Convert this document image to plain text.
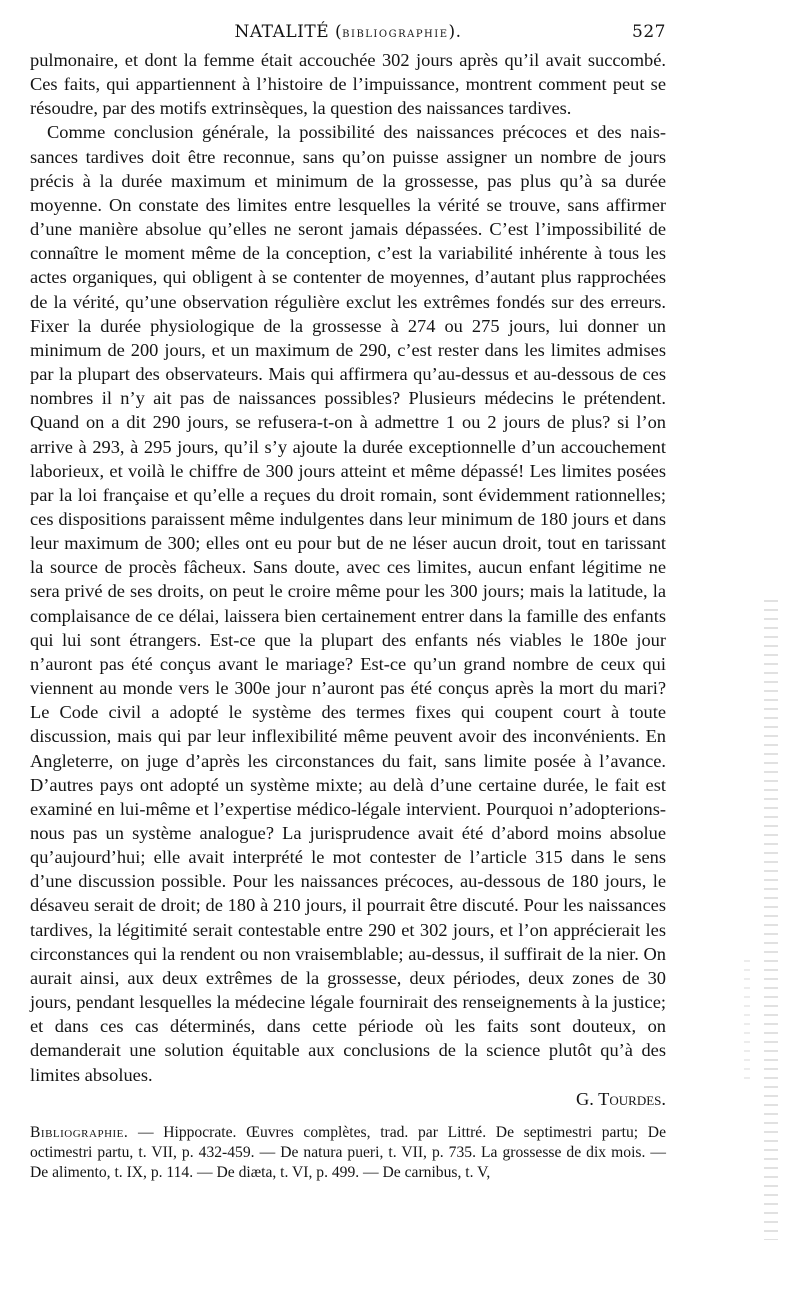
NATALITÉ (BIBLIOGRAPHIE).	527

pulmonaire, et dont la femme était accouchée 302 jours après qu’il avait succombé. Ces faits, qui appartiennent à l’histoire de l’impuissance, montrent comment peut se résoudre, par des motifs extrinsèques, la question des naissances tardives.

Comme conclusion générale, la possibilité des naissances précoces et des naissances tardives doit être reconnue, sans qu’on puisse assigner un nombre de jours précis à la durée maximum et minimum de la grossesse, pas plus qu’à sa durée moyenne. On constate des limites entre lesquelles la vérité se trouve, sans affirmer d’une manière absolue qu’elles ne seront jamais dépassées. C’est l’impossibilité de connaître le moment même de la conception, c’est la variabilité inhérente à tous les actes organiques, qui obligent à se contenter de moyennes, d’autant plus rapprochées de la vérité, qu’une observation régulière exclut les extrêmes fondés sur des erreurs. Fixer la durée physiologique de la grossesse à 274 ou 275 jours, lui donner un minimum de 200 jours, et un maximum de 290, c’est rester dans les limites admises par la plupart des observateurs. Mais qui affirmera qu’au-dessus et au-dessous de ces nombres il n’y ait pas de naissances possibles? Plusieurs médecins le prétendent. Quand on a dit 290 jours, se refusera-t-on à admettre 1 ou 2 jours de plus? si l’on arrive à 293, à 295 jours, qu’il s’y ajoute la durée exceptionnelle d’un accouchement laborieux, et voilà le chiffre de 300 jours atteint et même dépassé! Les limites posées par la loi française et qu’elle a reçues du droit romain, sont évidemment rationnelles; ces dispositions paraissent même indulgentes dans leur minimum de 180 jours et dans leur maximum de 300; elles ont eu pour but de ne léser aucun droit, tout en tarissant la source de procès fâcheux. Sans doute, avec ces limites, aucun enfant légitime ne sera privé de ses droits, on peut le croire même pour les 300 jours; mais la latitude, la complaisance de ce délai, laissera bien certainement entrer dans la famille des enfants qui lui sont étrangers. Est-ce que la plupart des enfants nés viables le 180e jour n’auront pas été conçus avant le mariage? Est-ce qu’un grand nombre de ceux qui viennent au monde vers le 300e jour n’auront pas été conçus après la mort du mari? Le Code civil a adopté le système des termes fixes qui coupent court à toute discussion, mais qui par leur inflexibilité même peuvent avoir des inconvénients. En Angleterre, on juge d’après les circonstances du fait, sans limite posée à l’avance. D’autres pays ont adopté un système mixte; au delà d’une certaine durée, le fait est examiné en lui-même et l’expertise médico-légale intervient. Pourquoi n’adopterions-nous pas un système analogue? La jurisprudence avait été d’abord moins absolue qu’aujourd’hui; elle avait interprété le mot contester de l’article 315 dans le sens d’une discussion possible. Pour les naissances précoces, au-dessous de 180 jours, le désaveu serait de droit; de 180 à 210 jours, il pourrait être discuté. Pour les naissances tardives, la légitimité serait contestable entre 290 et 302 jours, et l’on apprécierait les circonstances qui la rendent ou non vraisemblable; au-dessus, il suffirait de la nier. On aurait ainsi, aux deux extrêmes de la grossesse, deux périodes, deux zones de 30 jours, pendant lesquelles la médecine légale fournirait des renseignements à la justice; et dans ces cas déterminés, dans cette période où les faits sont douteux, on demanderait une solution équitable aux conclusions de la science plutôt qu’à des limites absolues.

G. Tourdes.

Bibliographie. — Hippocrate. Œuvres complètes, trad. par Littré. De septimestri partu; De octimestri partu, t. VII, p. 432-459. — De natura pueri, t. VII, p. 735. La grossesse de dix mois. — De alimento, t. IX, p. 114. — De diæta, t. VI, p. 499. — De carnibus, t. V,
